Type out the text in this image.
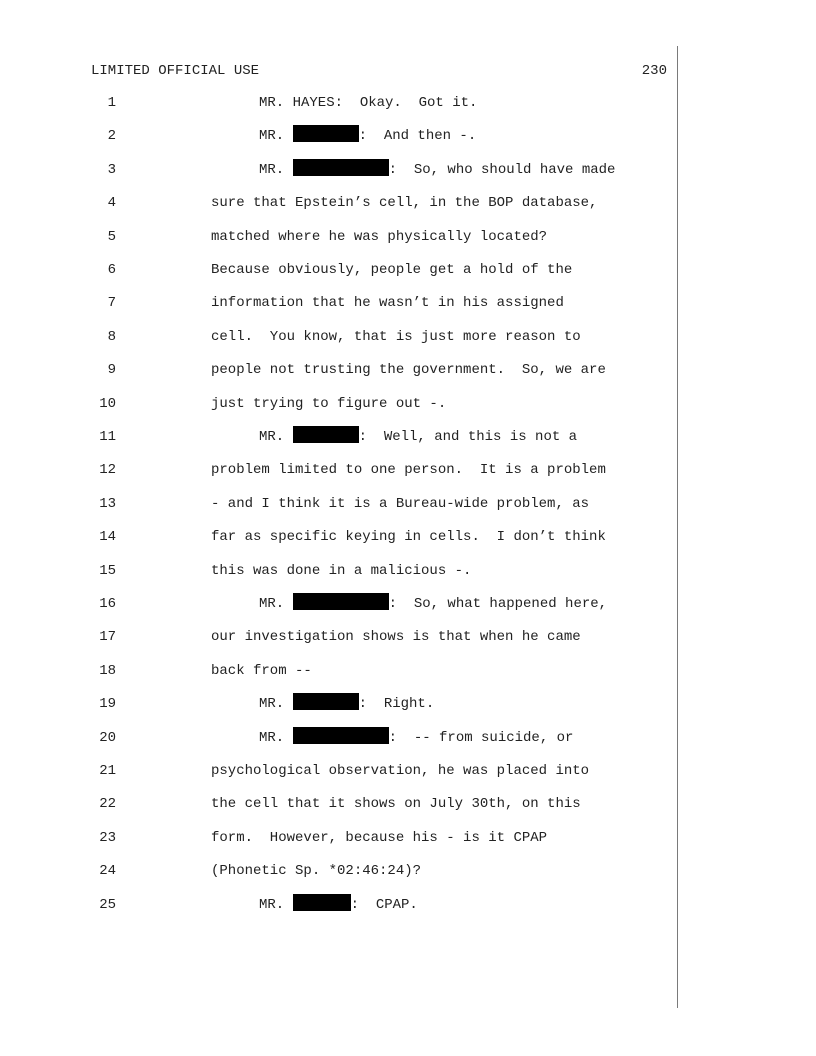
LIMITED OFFICIAL USE	230
1	MR. HAYES:  Okay.  Got it.
2	MR.	:  And then -.
3	MR.	:  So, who should have made
4	sure that Epstein’s cell, in the BOP database,
5	matched where he was physically located?
6	Because obviously, people get a hold of the
7	information that he wasn’t in his assigned
8	cell.  You know, that is just more reason to
9	people not trusting the government.  So, we are
10	just trying to figure out -.
11	MR.	:  Well, and this is not a
12	problem limited to one person.  It is a problem
13	- and I think it is a Bureau-wide problem, as
14	far as specific keying in cells.  I don’t think
15	this was done in a malicious -.
16	MR.	:  So, what happened here,
17	our investigation shows is that when he came
18	back from --
19	MR.	:  Right.
20	MR.	:  -- from suicide, or
21	psychological observation, he was placed into
22	the cell that it shows on July 30th, on this
23	form.  However, because his - is it CPAP
24	(Phonetic Sp. *02:46:24)?
25	MR.	:  CPAP.
